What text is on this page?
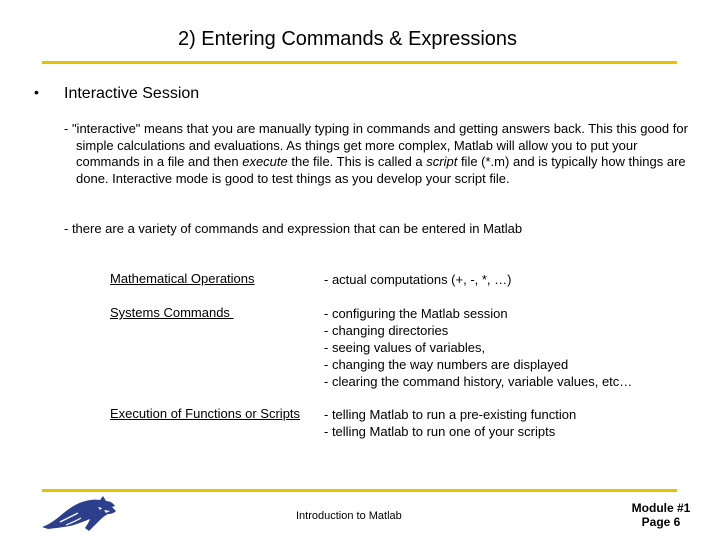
2) Entering Commands & Expressions
• Interactive Session
- "interactive" means that you are manually typing in commands and getting answers back. This this good for simple calculations and evaluations. As things get more complex, Matlab will allow you to put your commands in a file and then execute the file. This is called a script file (*.m) and is typically how things are done. Interactive mode is good to test things as you develop your script file.
- there are a variety of commands and expression that can be entered in Matlab
Mathematical Operations	- actual computations (+, -, *, …)
Systems Commands	- configuring the Matlab session
- changing directories
- seeing values of variables,
- changing the way numbers are displayed
- clearing the command history, variable values, etc…
Execution of Functions or Scripts - telling Matlab to run a pre-existing function
- telling Matlab to run one of your scripts
Introduction to Matlab
Module #1
Page 6
